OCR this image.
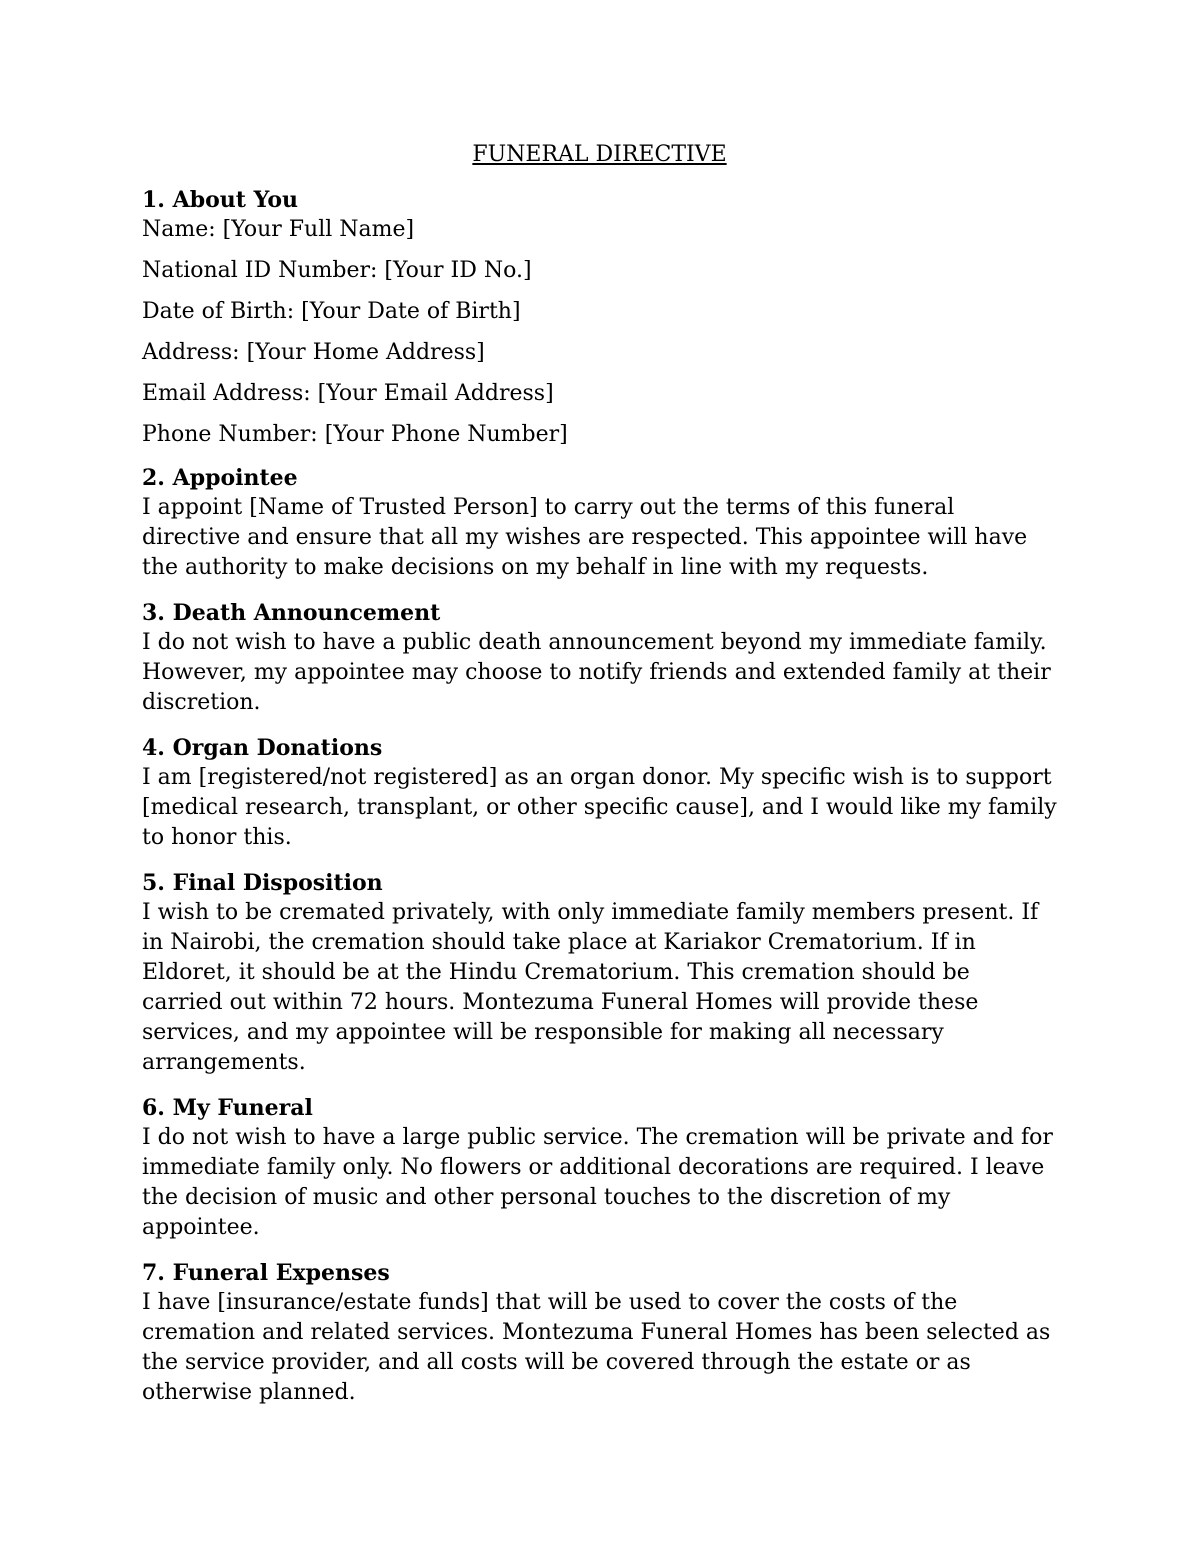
FUNERAL DIRECTIVE
1. About You

Name: [Your Full Name]

National ID Number: [Your ID No.]

Date of Birth: [Your Date of Birth]

Address: [Your Home Address]

Email Address: [Your Email Address]

Phone Number: [Your Phone Number]

2. Appointee

I appoint [Name of Trusted Person] to carry out the terms of this funeral directive and ensure that all my wishes are respected. This appointee will have the authority to make decisions on my behalf in line with my requests.

3. Death Announcement

I do not wish to have a public death announcement beyond my immediate family. However, my appointee may choose to notify friends and extended family at their discretion.

4. Organ Donations

I am [registered/not registered] as an organ donor. My specific wish is to support [medical research, transplant, or other specific cause], and I would like my family to honor this.

5. Final Disposition

I wish to be cremated privately, with only immediate family members present. If in Nairobi, the cremation should take place at Kariakor Crematorium. If in Eldoret, it should be at the Hindu Crematorium. This cremation should be carried out within 72 hours. Montezuma Funeral Homes will provide these services, and my appointee will be responsible for making all necessary arrangements.

6. My Funeral

I do not wish to have a large public service. The cremation will be private and for immediate family only. No flowers or additional decorations are required. I leave the decision of music and other personal touches to the discretion of my appointee.

7. Funeral Expenses

I have [insurance/estate funds] that will be used to cover the costs of the cremation and related services. Montezuma Funeral Homes has been selected as the service provider, and all costs will be covered through the estate or as otherwise planned.
